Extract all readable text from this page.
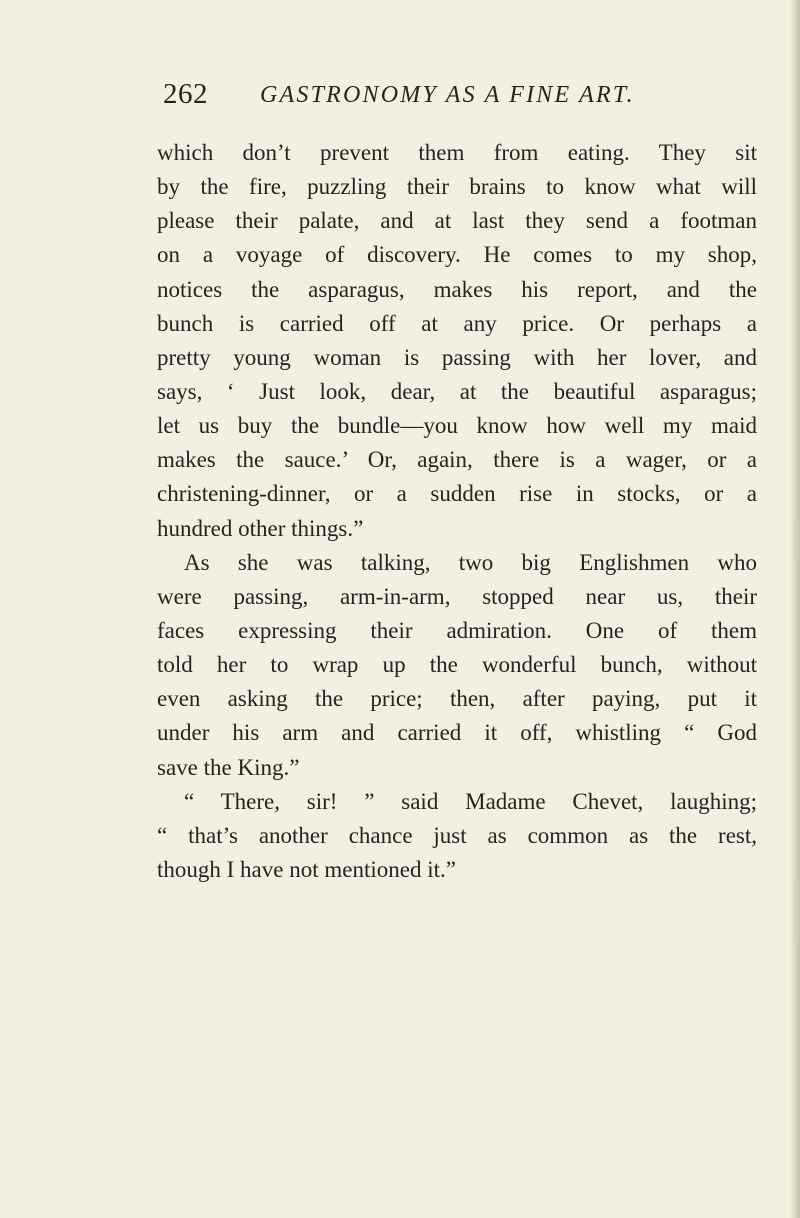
262 GASTRONOMY AS A FINE ART.
which don’t prevent them from eating. They sit
by the fire, puzzling their brains to know what will
please their palate, and at last they send a footman
on a voyage of discovery. He comes to my shop,
notices the asparagus, makes his report, and the
bunch is carried off at any price. Or perhaps a
pretty young woman is passing with her lover, and
says, ‘ Just look, dear, at the beautiful asparagus;
let us buy the bundle—you know how well my maid
makes the sauce.’ Or, again, there is a wager, or a
christening-dinner, or a sudden rise in stocks, or a
hundred other things.”
As she was talking, two big Englishmen who
were passing, arm-in-arm, stopped near us, their
faces expressing their admiration. One of them
told her to wrap up the wonderful bunch, without
even asking the price; then, after paying, put it
under his arm and carried it off, whistling “ God
save the King.”
“ There, sir! ” said Madame Chevet, laughing;
“ that’s another chance just as common as the rest,
though I have not mentioned it.”
